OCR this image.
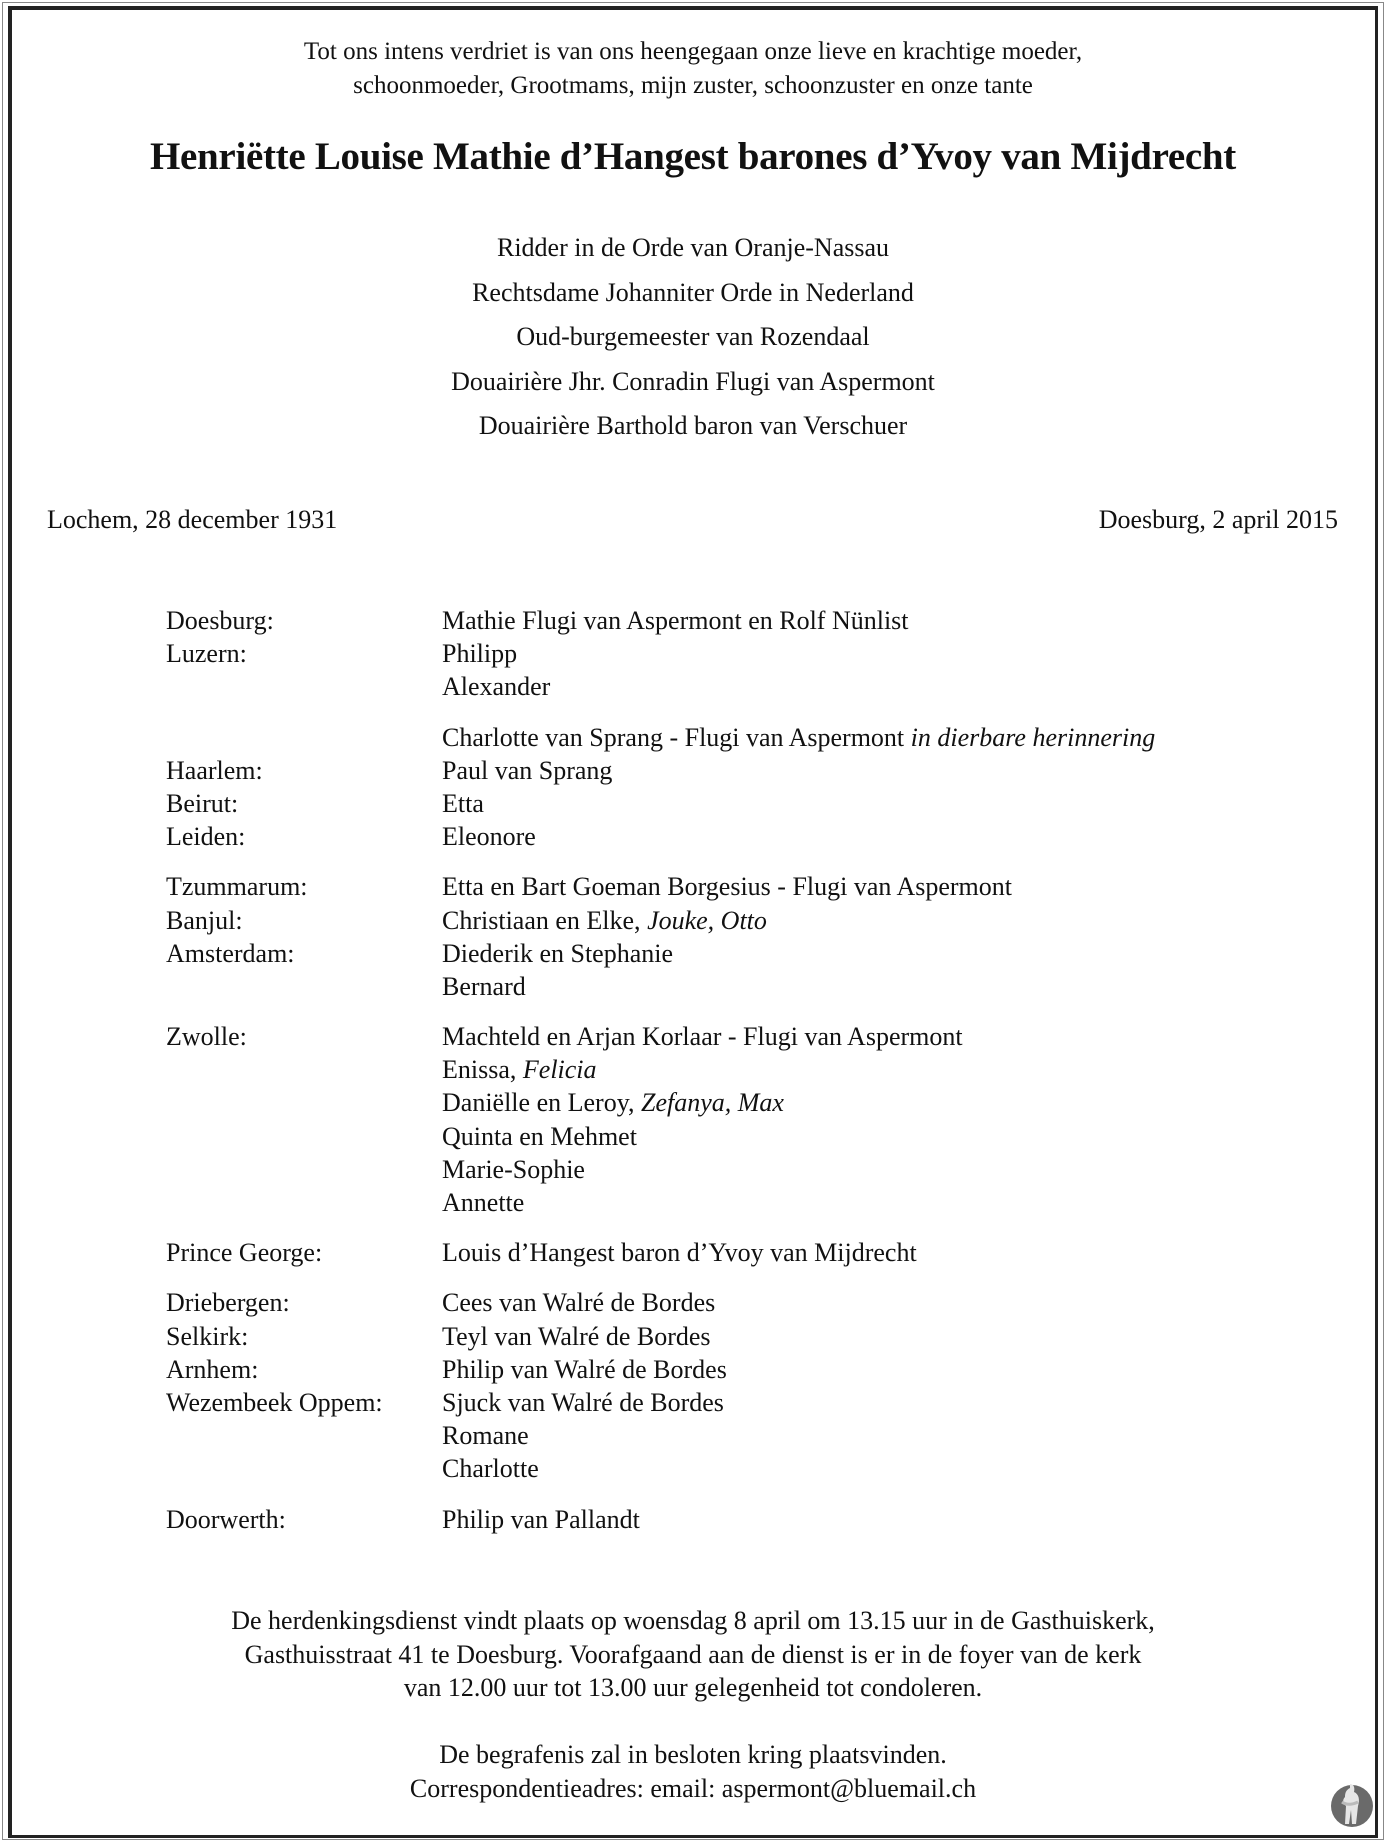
Tot ons intens verdriet is van ons heengegaan onze lieve en krachtige moeder,
schoonmoeder, Grootmams, mijn zuster, schoonzuster en onze tante
Henriëtte Louise Mathie d’Hangest barones d’Yvoy van Mijdrecht
Ridder in de Orde van Oranje-Nassau
Rechtsdame Johanniter Orde in Nederland
Oud-burgemeester van Rozendaal
Douairière Jhr. Conradin Flugi van Aspermont
Douairière Barthold baron van Verschuer
Lochem, 28 december 1931	Doesburg, 2 april 2015
Doesburg:	Mathie Flugi van Aspermont en Rolf Nünlist
Luzern:	Philipp
Alexander
Charlotte van Sprang - Flugi van Aspermont in dierbare herinnering
Haarlem:	Paul van Sprang
Beirut:	Etta
Leiden:	Eleonore
Tzummarum:	Etta en Bart Goeman Borgesius - Flugi van Aspermont
Banjul:	Christiaan en Elke, Jouke, Otto
Amsterdam:	Diederik en Stephanie
Bernard
Zwolle:	Machteld en Arjan Korlaar - Flugi van Aspermont
Enissa, Felicia
Daniëlle en Leroy, Zefanya, Max
Quinta en Mehmet
Marie-Sophie
Annette
Prince George:	Louis d’Hangest baron d’Yvoy van Mijdrecht
Driebergen:	Cees van Walré de Bordes
Selkirk:	Teyl van Walré de Bordes
Arnhem:	Philip van Walré de Bordes
Wezembeek Oppem:	Sjuck van Walré de Bordes
Romane
Charlotte
Doorwerth:	Philip van Pallandt
De herdenkingsdienst vindt plaats op woensdag 8 april om 13.15 uur in de Gasthuiskerk,
Gasthuisstraat 41 te Doesburg. Voorafgaand aan de dienst is er in de foyer van de kerk
van 12.00 uur tot 13.00 uur gelegenheid tot condoleren.
De begrafenis zal in besloten kring plaatsvinden.
Correspondentieadres: email: aspermont@bluemail.ch
